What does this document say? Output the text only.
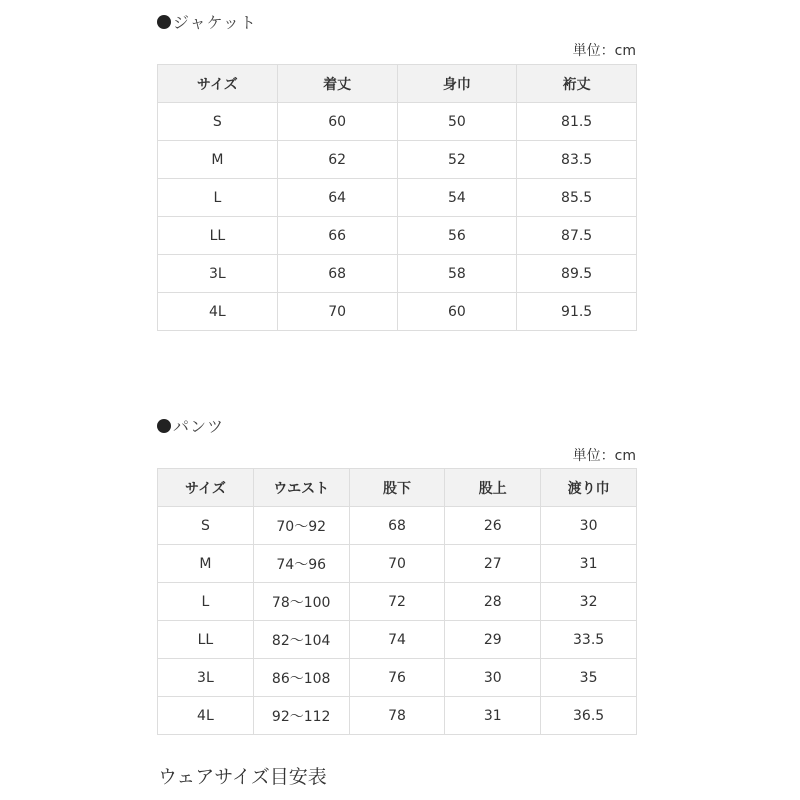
ジャケット
単位：cm
サイズ	着丈	身巾	裄丈
S	60	50	81.5
M	62	52	83.5
L	64	54	85.5
LL	66	56	87.5
3L	68	58	89.5
4L	70	60	91.5
パンツ
単位：cm
サイズ	ウエスト	股下	股上	渡り巾
S	70～92	68	26	30
M	74～96	70	27	31
L	78～100	72	28	32
LL	82～104	74	29	33.5
3L	86～108	76	30	35
4L	92～112	78	31	36.5
ウェアサイズ目安表
